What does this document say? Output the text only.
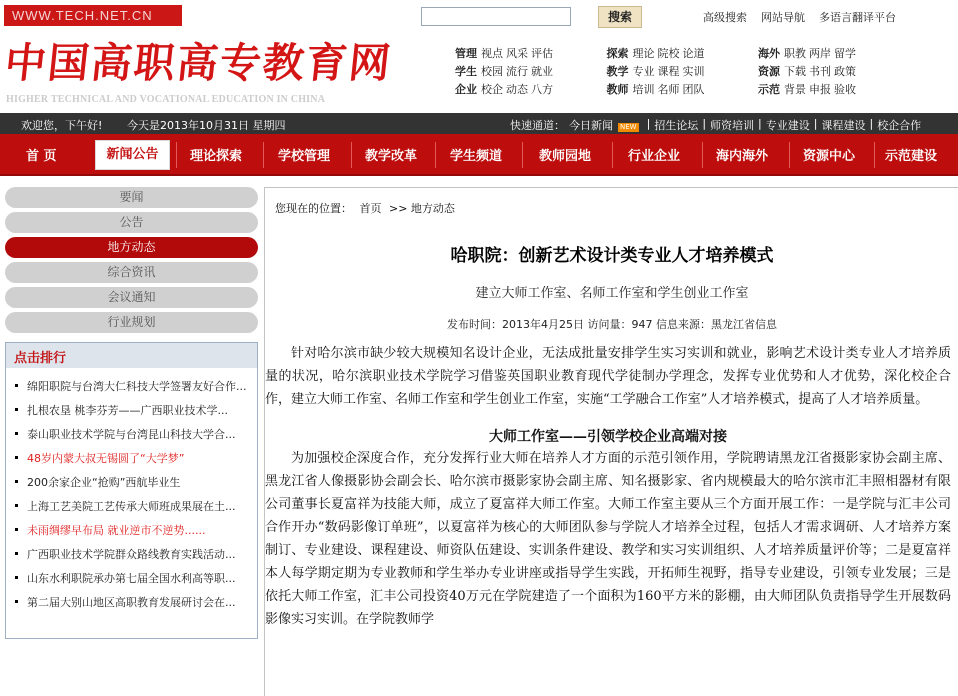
WWW.TECH.NET.CN	搜索	高级搜索 网站导航 多语言翻译平台
中国高职高专教育网
HIGHER TECHNICAL AND VOCATIONAL EDUCATION IN CHINA
管理 视点 风采 评估	探索 理论 院校 论道	海外 职教 两岸 留学
学生 校园 流行 就业	教学 专业 课程 实训	资源 下载 书刊 政策
企业 校企 动态 八方	教师 培训 名师 团队	示范 背景 申报 验收
欢迎您，下午好! 今天是2013年10月31日 星期四	快速通道： 今日新闻 NEW | 招生论坛 | 师资培训 | 专业建设 | 课程建设 | 校企合作
首 页	新闻公告	理论探索	学校管理	教学改革	学生频道	教师园地	行业企业	海内海外	资源中心 示范建设
要闻
公告
地方动态
综合资讯
会议通知
行业规划
点击排行
绵阳职院与台湾大仁科技大学签署友好合作...
扎根农垦 桃李芬芳——广西职业技术学...
泰山职业技术学院与台湾昆山科技大学合...
48岁内蒙大叔无锡圆了“大学梦”
200余家企业“抢购”西航毕业生
上海工艺美院工艺传承大师班成果展在土...
未雨绸缪早布局 就业逆市不逆势......
广西职业技术学院群众路线教育实践活动...
山东水利职院承办第七届全国水利高等职...
第二届大别山地区高职教育发展研讨会在...
您现在的位置： 首页 >> 地方动态
哈职院：创新艺术设计类专业人才培养模式
建立大师工作室、名师工作室和学生创业工作室
发布时间：2013年4月25日 访问量：947 信息来源：黑龙江省信息

针对哈尔滨市缺少较大规模知名设计企业，无法成批量安排学生实习实训和就业，影响艺术设计类专业人才培养质量的状况，哈尔滨职业技术学院学习借鉴英国职业教育现代学徒制办学理念，发挥专业优势和人才优势，深化校企合作，建立大师工作室、名师工作室和学生创业工作室，实施“工学融合工作室”人才培养模式，提高了人才培养质量。

大师工作室——引领学校企业高端对接

为加强校企深度合作，充分发挥行业大师在培养人才方面的示范引领作用，学院聘请黑龙江省摄影家协会副主席、黑龙江省人像摄影协会副会长、哈尔滨市摄影家协会副主席、知名摄影家、省内规模最大的哈尔滨市汇丰照相器材有限公司董事长夏富祥为技能大师，成立了夏富祥大师工作室。大师工作室主要从三个方面开展工作：一是学院与汇丰公司合作开办“数码影像订单班”，以夏富祥为核心的大师团队参与学院人才培养全过程，包括人才需求调研、人才培养方案制订、专业建设、课程建设、师资队伍建设、实训条件建设、教学和实习实训组织、人才培养质量评价等；二是夏富祥本人每学期定期为专业教师和学生举办专业讲座或指导学生实践，开拓师生视野，指导专业建设，引领专业发展；三是依托大师工作室，汇丰公司投资40万元在学院建造了一个面积为160平方米的影棚，由大师团队负责指导学生开展数码影像实习实训。在学院教师学
